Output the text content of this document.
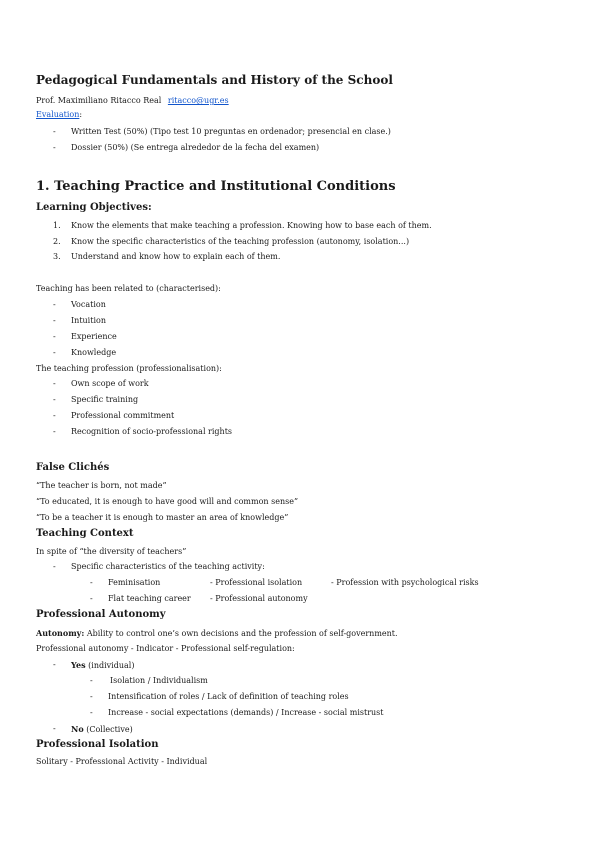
Pedagogical Fundamentals and History of the School
Prof. Maximiliano Ritacco Real ritacco@ugr.es
Evaluation:
- Written Test (50%) (Tipo test 10 preguntas en ordenador; presencial en clase.)
- Dossier (50%) (Se entrega alrededor de la fecha del examen)
1. Teaching Practice and Institutional Conditions
Learning Objectives:
1. Know the elements that make teaching a profession. Knowing how to base each of them.
2. Know the specific characteristics of the teaching profession (autonomy, isolation...)
3. Understand and know how to explain each of them.
Teaching has been related to (characterised):
- Vocation
- Intuition
- Experience
- Knowledge
The teaching profession (professionalisation):
- Own scope of work
- Specific training
- Professional commitment
- Recognition of socio-professional rights
False Clichés
“The teacher is born, not made”
“To educated, it is enough to have good will and common sense”
“To be a teacher it is enough to master an area of knowledge”
Teaching Context
In spite of “the diversity of teachers”
- Specific characteristics of the teaching activity:
- Feminisation	- Professional isolation	- Profession with psychological risks
- Flat teaching career - Professional autonomy
Professional Autonomy
Autonomy: Ability to control one’s own decisions and the profession of self-government.
Professional autonomy - Indicator - Professional self-regulation:
- Yes (individual)
- Isolation / Individualism
- Intensification of roles / Lack of definition of teaching roles
- Increase - social expectations (demands) / Increase - social mistrust
- No (Collective)
Professional Isolation
Solitary - Professional Activity - Individual
